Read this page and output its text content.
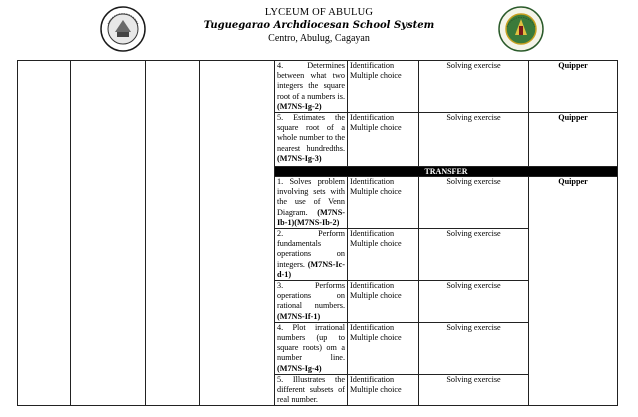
LYCEUM OF ABULUG
Tuguegarao Archdiocesan School System
Centro, Abulug, Cagayan
				4. Determines between what two integers the square root of a numbers is.(M7NS-Ig-2)	Identification
Multiple choice	Solving exercise	Quipper
				5. Estimates the square root of a whole number to the nearest hundredths. (M7NS-Ig-3)	Identification
Multiple choice	Solving exercise	Quipper
				TRANSFER			
				1. Solves problem involving sets with the use of Venn Diagram. (M7NS-Ib-1)(M7NS-Ib-2)	Identification
Multiple choice	Solving exercise	Quipper
				2. Perform fundamentals operations on integers. (M7NS-Ic-d-1)	Identification
Multiple choice	Solving exercise	
				3. Performs operations on rational numbers. (M7NS-If-1)	Identification
Multiple choice	Solving exercise	
				4. Plot irrational numbers (up to square roots) om a number line. (M7NS-Ig-4)	Identification
Multiple choice	Solving exercise	
				5. Illustrates the different subsets of real number.	Identification
Multiple choice	Solving exercise	
